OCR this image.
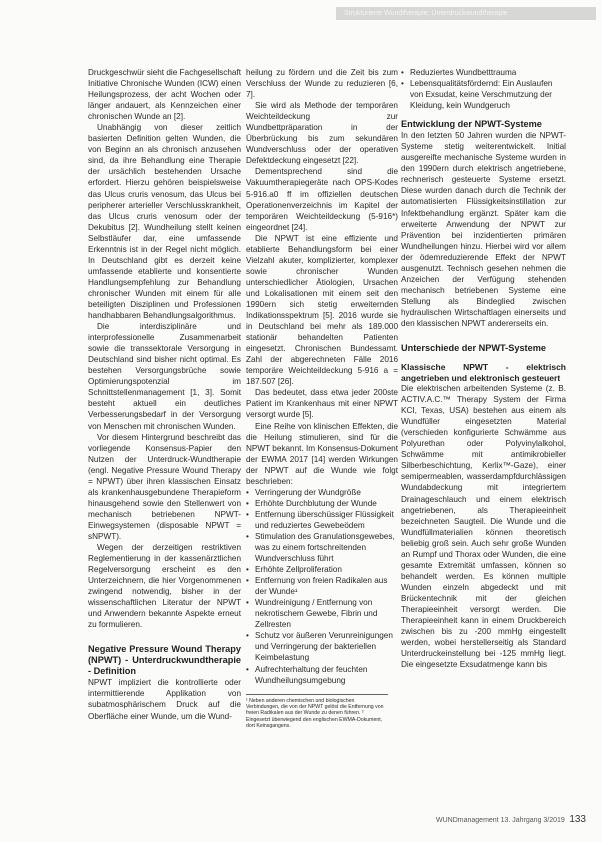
Strukturierte Wundtherapie: Unterdruckwundtherapie

Druckgeschwür sieht die Fachgesellschaft Initiative Chronische Wunden (ICW) einen Heilungsprozess, der acht Wochen oder länger andauert, als Kennzeichen einer chronischen Wunde an [2].

Unabhängig von dieser zeitlich basierten Definition gelten Wunden, die von Beginn an als chronisch anzusehen sind, da ihre Behandlung eine Therapie der ursächlich bestehenden Ursache erfordert. Hierzu gehören beispielsweise das Ulcus cruris venosum, das Ulcus bei peripherer arterieller Verschlusskrankheit, das Ulcus cruris venosum oder der Dekubitus [2]. Wundheilung stellt keinen Selbstläufer dar, eine umfassende Erkenntnis ist in der Regel nicht möglich. In Deutschland gibt es derzeit keine umfassende etablierte und konsentierte Handlungsempfehlung zur Behandlung chronischer Wunden mit einem für alle beteiligten Disziplinen und Professionen handhabbaren Behandlungsalgorithmus.

Die interdisziplinäre und interprofessionelle Zusammenarbeit sowie die transsektorale Versorgung in Deutschland sind bisher nicht optimal. Es bestehen Versorgungsbrüche sowie Optimierungspotenzial im Schnittstellenmanagement [1, 3]. Somit besteht aktuell ein deutliches Verbesserungsbedarf in der Versorgung von Menschen mit chronischen Wunden.

Vor diesem Hintergrund beschreibt das vorliegende Konsensus-Papier den Nutzen der Unterdruck-Wundtherapie (engl. Negative Pressure Wound Therapy = NPWT) über ihren klassischen Einsatz als krankenhausgebundene Therapieform hinausgehend sowie den Stellenwert von mechanisch betriebenen NPWT-Einwegsystemen (disposable NPWT = sNPWT).

Wegen der derzeitigen restriktiven Reglementierung in der kassenärztlichen Regelversorgung erscheint es den Unterzeichnern, die hier Vorgenommenen zwingend notwendig, bisher in der wissenschaftlichen Literatur der NPWT und Anwendern bekannte Aspekte erneut zu formulieren.

Negative Pressure Wound Therapy (NPWT) - Unterdruckwundtherapie - Definition

NPWT impliziert die kontrollierte oder intermittierende Applikation von subatmosphärischem Druck auf die Oberfläche einer Wunde, um die Wund-

heilung zu fördern und die Zeit bis zum Verschluss der Wunde zu reduzieren [6, 7].

Sie wird als Methode der temporären Weichteildeckung zur Wundbettpräparation in der Überbrückung bis zum sekundären Wundverschluss oder der operativen Defektdeckung eingesetzt [22].

Dementsprechend sind die Vakuumtherapiegeräte nach OPS-Kodes 5-916.a0 ff im offiziellen deutschen Operationenverzeichnis im Kapitel der temporären Weichteildeckung (5-916*) eingeordnet [24].

Die NPWT ist eine effiziente und etablierte Behandlungsform bei einer Vielzahl akuter, komplizierter, komplexer sowie chronischer Wunden unterschiedlicher Ätiologien, Ursachen und Lokalisationen mit einem seit den 1990ern sich stetig erweiternden Indikationsspektrum [5]. 2016 wurde sie in Deutschland bei mehr als 189.000 stationär behandelten Patienten eingesetzt. Chronischen Bundessamt. Zahl der abgerechneten Fälle 2016 temporäre Weichteildeckung 5-916 a = 187.507 [26].

Das bedeutet, dass etwa jeder 200ste Patient im Krankenhaus mit einer NPWT versorgt wurde [5].

Eine Reihe von klinischen Effekten, die die Heilung stimulieren, sind für die NPWT bekannt. Im Konsensus-Dokument der EWMA 2017 [14] werden Wirkungen der NPWT auf die Wunde wie folgt beschrieben:

• Verringerung der Wundgröße
• Erhöhte Durchblutung der Wunde
• Entfernung überschüssiger Flüssigkeit und reduziertes Gewebeödem
• Stimulation des Granulationsgewebes, was zu einem fortschreitenden Wundverschluss führt
• Erhöhte Zellproliferation
• Entfernung von freien Radikalen aus der Wunde¹
• Wundreinigung / Entfernung von nekrotischem Gewebe, Fibrin und Zellresten
• Schutz vor äußeren Verunreinigungen und Verringerung der bakteriellen Keimbelastung
• Aufrechterhaltung der feuchten Wundheilungsumgebung
¹ Neben anderen chemischen und biologischen Verbindungen, die von der NPWT gelöst die Entfernung von freien Radikalen aus der Wunde zu denen führen. ² Eingesetzt überwiegend den englischen EWMA-Dokument, dort Keinsgangens.
• Reduziertes Wundbetttrauma
• Lebensqualitätsfördernd: Ein Auslaufen von Exsudat, keine Verschmutzung der Kleidung, kein Wundgeruch
Entwicklung der NPWT-Systeme

In den letzten 50 Jahren wurden die NPWT-Systeme stetig weiterentwickelt. Initial ausgereifte mechanische Systeme wurden in den 1990ern durch elektrisch angetriebene, rechnerisch gesteuerte Systeme ersetzt. Diese wurden danach durch die Technik der automatisierten Flüssigkeitsinstillation zur Infektbehandlung ergänzt. Später kam die erweiterte Anwendung der NPWT zur Prävention bei inzidentierten primären Wundheilungen hinzu. Hierbei wird vor allem der ödemreduzierende Effekt der NPWT ausgenutzt. Technisch gesehen nehmen die Anzeichen der Verfügung stehenden mechanisch betriebenen Systeme eine Stellung als Bindeglied zwischen hydraulischen Wirtschaftlagen einerseits und den klassischen NPWT andererseits ein.

Unterschiede der NPWT-Systeme
Klassische NPWT - elektrisch angetrieben und elektronisch gesteuert

Die elektrischen arbeitenden Systeme (z. B. ACTIV.A.C.™ Therapy System der Firma KCI, Texas, USA) bestehen aus einem als Wundfüller eingesetzten Material (verschieden konfigurierte Schwämme aus Polyurethan oder Polyvinylalkohol, Schwämme mit antimikrobieller Silberbeschichtung, Kerlix™-Gaze), einer semipermeablen, wasserdampfdurchlässigen Wundabdeckung mit integriertem Drainageschlauch und einem elektrisch angetriebenen, als Therapieeinheit bezeichneten Saugteil. Die Wunde und die Wundfüllmaterialien können theoretisch beliebig groß sein. Auch sehr große Wunden an Rumpf und Thorax oder Wunden, die eine gesamte Extremität umfassen, können so behandelt werden. Es können multiple Wunden einzeln abgedeckt und mit Brückentechnik mit der gleichen Therapieeinheit versorgt werden. Die Therapieeinheit kann in einem Druckbereich zwischen bis zu -200 mmHg eingestellt werden, wobei herstellerseitig als Standard Unterdruckeinstellung bei -125 mmHg liegt. Die eingesetzte Exsudatmenge kann bis

WUNDmanagement 13. Jahrgang 3/2019 133
